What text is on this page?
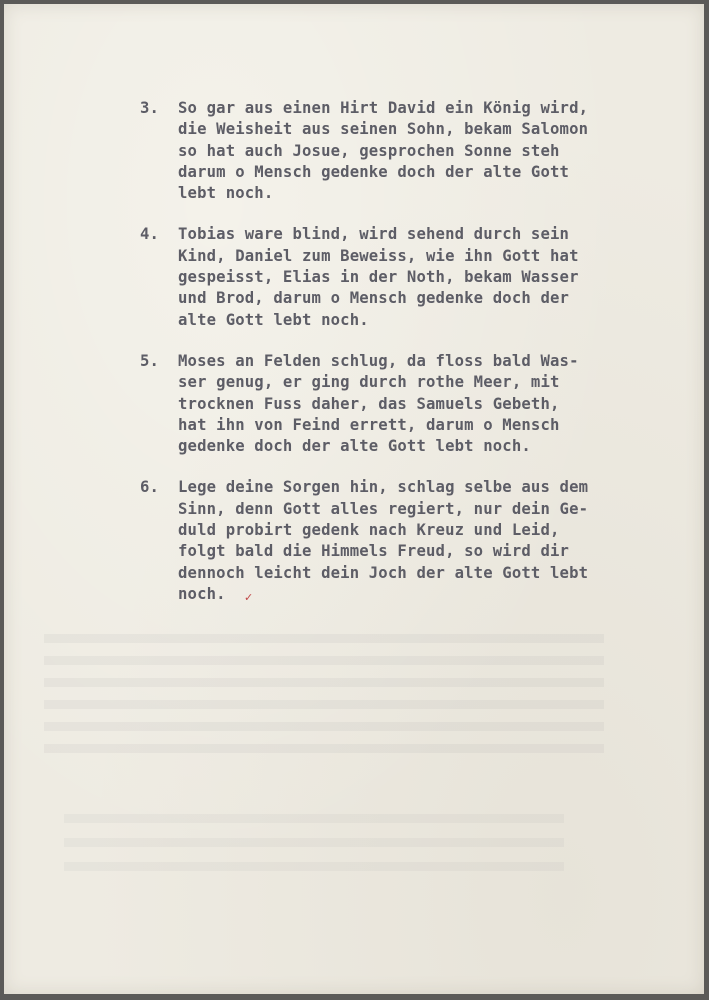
3.	So gar aus einen Hirt David ein König wird,
die Weisheit aus seinen Sohn, bekam Salomon
so hat auch Josue, gesprochen Sonne steh
darum o Mensch gedenke doch der alte Gott
lebt noch.
4.	Tobias ware blind, wird sehend durch sein
Kind, Daniel zum Beweiss, wie ihn Gott hat
gespeisst, Elias in der Noth, bekam Wasser
und Brod, darum o Mensch gedenke doch der
alte Gott lebt noch.
5.	Moses an Felden schlug, da floss bald Was-
ser genug, er ging durch rothe Meer, mit
trocknen Fuss daher, das Samuels Gebeth,
hat ihn von Feind errett, darum o Mensch
gedenke doch der alte Gott lebt noch.
6.	Lege deine Sorgen hin, schlag selbe aus dem
Sinn, denn Gott alles regiert, nur dein Ge-
duld probirt gedenk nach Kreuz und Leid,
folgt bald die Himmels Freud, so wird dir
dennoch leicht dein Joch der alte Gott lebt
noch.	✓
